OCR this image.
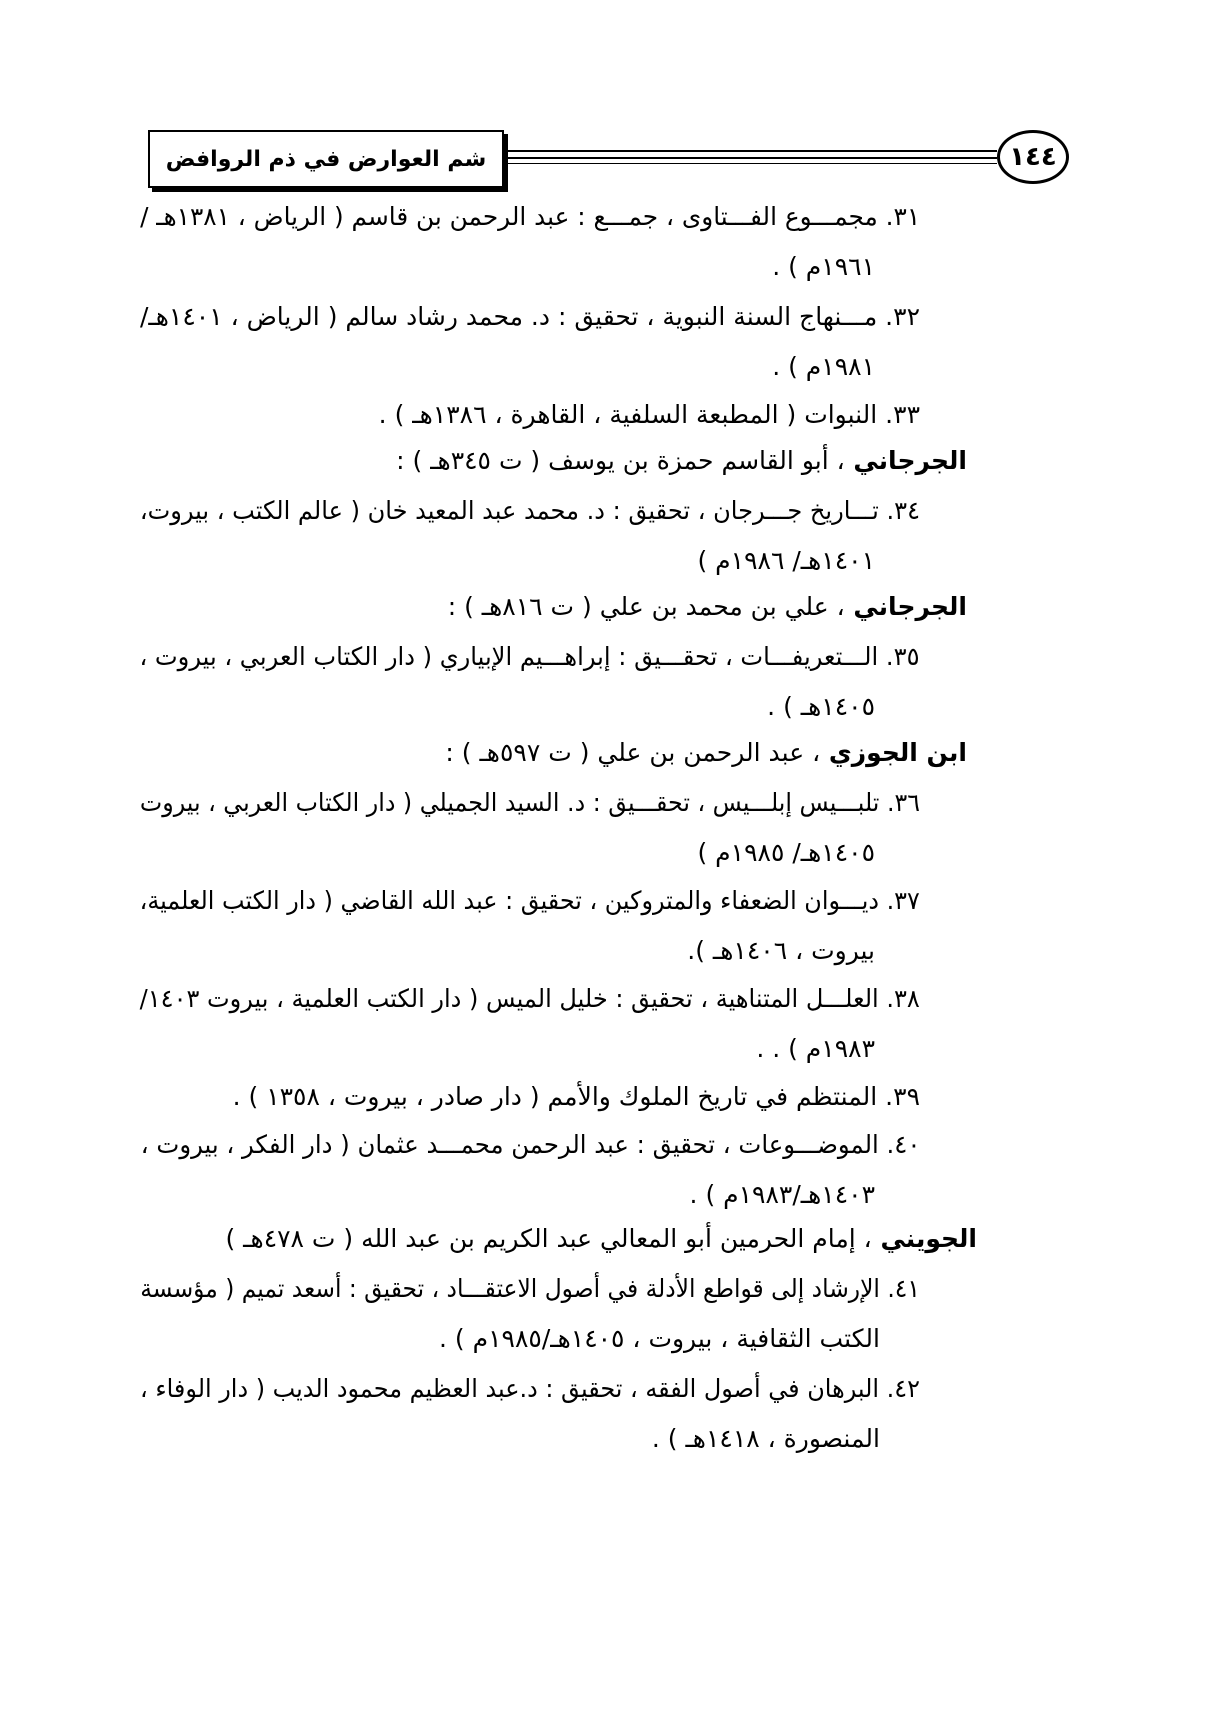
شم العوارض في ذم الروافض	١٤٤
٣١. مجمـــوع الفـــتاوى ، جمـــع : عبد الرحمن بن قاسم ( الرياض ، ١٣٨١هـ /
١٩٦١م ) .
٣٢. مـــنهاج السنة النبوية ، تحقيق : د. محمد رشاد سالم ( الرياض ، ١٤٠١هـ/
١٩٨١م ) .
٣٣. النبوات ( المطبعة السلفية ، القاهرة ، ١٣٨٦هـ ) .
الجرجاني ، أبو القاسم حمزة بن يوسف ( ت ٣٤٥هـ ) :
٣٤. تـــاريخ جـــرجان ، تحقيق : د. محمد عبد المعيد خان ( عالم الكتب ، بيروت،
١٤٠١هـ/ ١٩٨٦م )
الجرجاني ، علي بن محمد بن علي ( ت ٨١٦هـ ) :
٣٥. الـــتعريفـــات ، تحقـــيق : إبراهـــيم الإبياري ( دار الكتاب العربي ، بيروت ،
١٤٠٥هـ ) .
ابن الجوزي ، عبد الرحمن بن علي ( ت ٥٩٧هـ ) :
٣٦. تلبـــيس إبلـــيس ، تحقـــيق : د. السيد الجميلي ( دار الكتاب العربي ، بيروت
١٤٠٥هـ/ ١٩٨٥م )
٣٧. ديـــوان الضعفاء والمتروكين ، تحقيق : عبد الله القاضي ( دار الكتب العلمية،
بيروت ، ١٤٠٦هـ ).
٣٨. العلـــل المتناهية ، تحقيق : خليل الميس ( دار الكتب العلمية ، بيروت ١٤٠٣/
١٩٨٣م ) . .
٣٩. المنتظم في تاريخ الملوك والأمم ( دار صادر ، بيروت ، ١٣٥٨ ) .
٤٠. الموضـــوعات ، تحقيق : عبد الرحمن محمـــد عثمان ( دار الفكر ، بيروت ،
١٤٠٣هـ/١٩٨٣م ) .
الجويني ، إمام الحرمين أبو المعالي عبد الكريم بن عبد الله ( ت ٤٧٨هـ )
٤١. الإرشاد إلى قواطع الأدلة في أصول الاعتقـــاد ، تحقيق : أسعد تميم ( مؤسسة
الكتب الثقافية ، بيروت ، ١٤٠٥هـ/١٩٨٥م ) .
٤٢. البرهان في أصول الفقه ، تحقيق : د.عبد العظيم محمود الديب ( دار الوفاء ،
المنصورة ، ١٤١٨هـ ) .
